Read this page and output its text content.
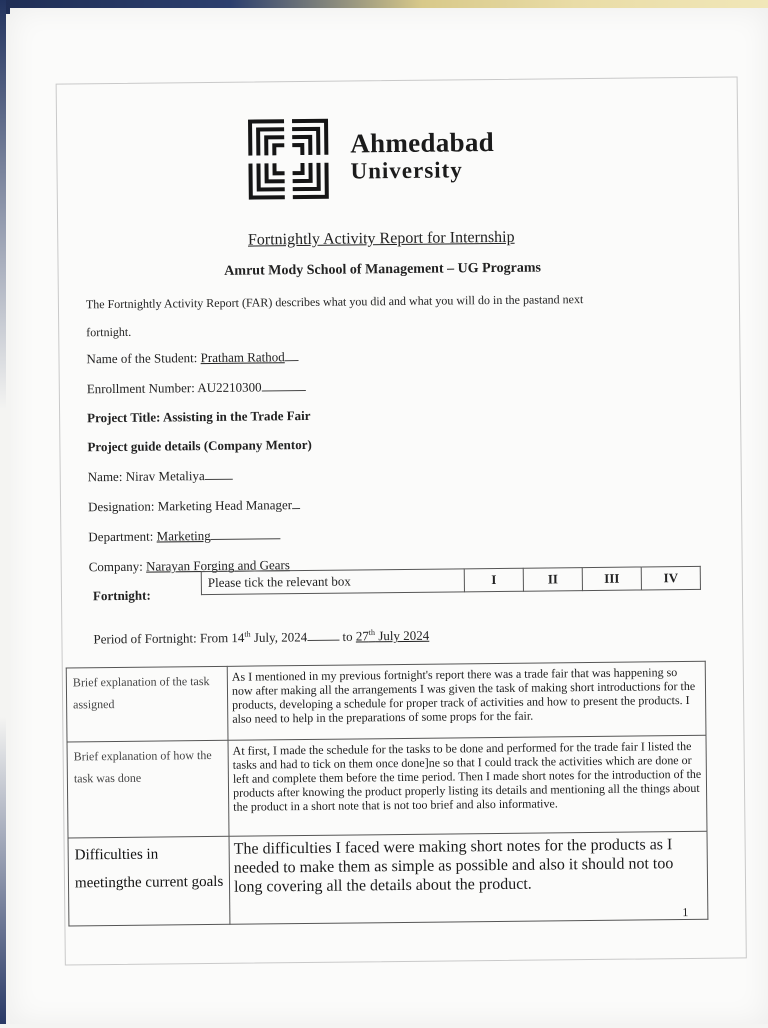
Ahmedabad
University
Fortnightly Activity Report for Internship
Amrut Mody School of Management – UG Programs
The Fortnightly Activity Report (FAR) describes what you did and what you will do in the pastand next
fortnight.
Name of the Student: Pratham Rathod
Enrollment Number: AU2210300
Project Title: Assisting in the Trade Fair
Project guide details (Company Mentor)
Name: Nirav Metaliya
Designation: Marketing Head Manager
Department: Marketing
Company: Narayan Forging and Gears
Fortnight:
Please tick the relevant box	I	II	III	IV
Period of Fortnight: From 14th July, 2024	to 27th July 2024
Brief explanation of the task assigned	As I mentioned in my previous fortnight's report there was a trade fair that was happening so now after making all the arrangements I was given the task of making short introductions for the products, developing a schedule for proper track of activities and how to present the products. I also need to help in the preparations of some props for the fair.
Brief explanation of how the task was done	At first, I made the schedule for the tasks to be done and performed for the trade fair I listed the tasks and had to tick on them once done]ne so that I could track the activities which are done or left and complete them before the time period. Then I made short notes for the introduction of the products after knowing the product properly listing its details and mentioning all the things about the product in a short note that is not too brief and also informative.
Difficulties in meetingthe current goals	The difficulties I faced were making short notes for the products as I needed to make them as simple as possible and also it should not too long covering all the details about the product.
1
